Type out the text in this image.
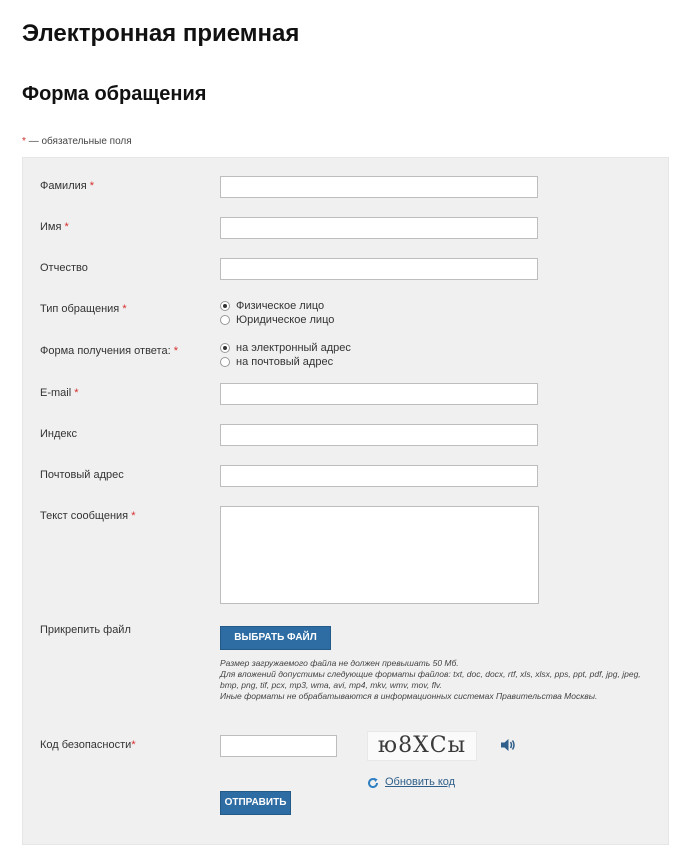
Электронная приемная
Форма обращения
* — обязательные поля
Фамилия *
Имя *
Отчество
Тип обращения *	Физическое лицо
Юридическое лицо
Форма получения ответа: *	на электронный адрес
на почтовый адрес
E-mail *
Индекс
Почтовый адрес
Текст сообщения *
Прикрепить файл
ВЫБРАТЬ ФАЙЛ
Размер загружаемого файла не должен превышать 50 Мб.
Для вложений допустимы следующие форматы файлов: txt, doc, docx, rtf, xls, xlsx, pps, ppt, pdf, jpg, jpeg, bmp, png, tif, pcx, mp3, wma, avi, mp4, mkv, wmv, mov, flv.
Иные форматы не обрабатываются в информационных системах Правительства Москвы.
Код безопасности*	ю8ХСы
Обновить код
ОТПРАВИТЬ
